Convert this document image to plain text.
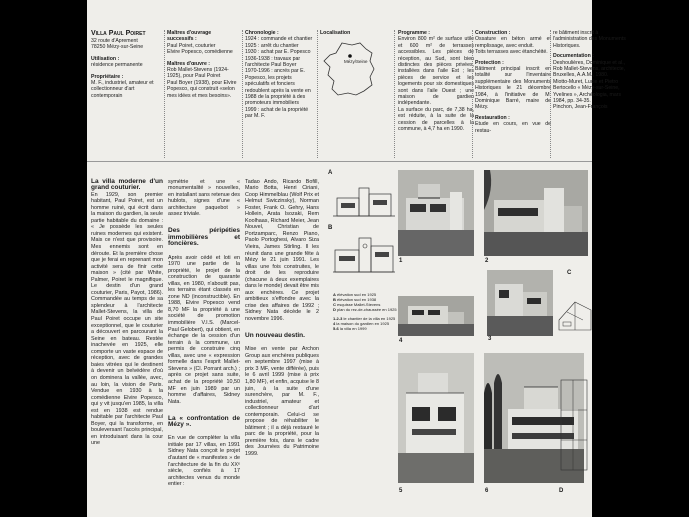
Villa Paul Poiret
32 route d'Aprement
78250 Mézy-sur-Seine
Utilisation :
résidence permanente
Propriétaire :
M. F., industriel, amateur et collectionneur d'art contemporain
Maîtres d'ouvrage successifs :
Paul Poiret, couturier
Elvire Popesco, comédienne
Maîtres d'œuvre :
Rob Mallet-Stevens (1924-1925), pour Paul Poiret
Paul Boyer (1938), pour Elvire Popesco, qui construit «selon mes idées et mes besoins».
Chronologie :
1924 : commande et chantier
1925 : arrêt du chantier
1930 : achat par E. Popesco
1936-1938 : travaux par l'architecte Paul Boyer
1970-1996 : ancrés par E. Popesco, les projets spéculatifs et fonciers redoublent après la vente en 1988 de la propriété à des promoteurs immobiliers
1999 : achat de la propriété par M. F.
Localisation
Mézy/Seine
Programme :
Environ 800 m² de surface utile et 600 m² de terrasses accessibles. Les pièces de réception, au Sud, sont bien distinctes des pièces privées, installées dans l'aile Est ; les pièces de service et les logements pour six domestiques sont dans l'aile Ouest ; une maison de gardien indépendante.
La surface du parc, de 7,38 ha, est réduite, à la suite de la cession de parcelles à la commune, à 4,7 ha en 1990.
Construction :
Ossature en béton armé et remplissage, avec enduit.
Toits terrasses avec étanchéité.
Protection :
Bâtiment principal inscrit en totalité sur l'inventaire supplémentaire des Monuments Historiques le 21 décembre 1984, à l'initiative de M. Dominique Barré, maire de Mézy.
Restauration :
Etude en cours, en vue de restau-
re bâtiment inscrit à l'administration des Monuments Historiques.
Documentation :
Deshoulières, Dominique et al., Rob Mallet-Stevens, architecte, Bruxelles, A.A.M., 1980.
Miotto-Muret, Lucie et Pietro Bertocello « Mézy-sur-Seine, Yvelines », Archéologia, mars 1984, pp. 34-35.
Pinchon, Jean-François

La villa moderne d'un grand couturier.
En 1929, son premier habitant, Paul Poiret, est un homme ruiné, qui écrit dans la maison du gardien, la seule partie habitable du domaine : « Je possède les seules ruines modernes qui existent. Mais ce n'est que provisoire. Mes ennemis sont en déroute. Et la première chose que je ferai en reprenant mon activité sera de finir cette maison » (cité par White, Palmer, Poiret le magnifique. Le destin d'un grand couturier, Paris, Payot, 1986). Commandée au temps de sa splendeur à l'architecte Mallet-Stevens, la villa de Paul Poiret occupe un site exceptionnel, que le couturier a découvert en parcourant la Seine en bateau. Restée inachevée en 1925, elle comporte un vaste espace de réception, avec de grandes baies vitrées qui le destinent à devenir un belvédère d'où on dominera la vallée, avec, au loin, la vision de Paris. Vendue en 1930 à la comédienne Elvire Popesco, qui y vit jusqu'en 1985, la villa est en 1938 est rendue habitable par l'architecte Paul Boyer, qui la transforme, en bouleversant l'accès principal, en introduisant dans la cour une

symétrie et une « monumentalité » nouvelles, en installant sans retenue des hublots, signes d'une « architecture paquebot » assez triviale.

Des péripéties immobilières et foncières.

Après avoir cédé et loti en 1970 une partie de la propriété, le projet de la construction de quarante villas, en 1980, n'aboutit pas, les terrains étant classés en zone ND (inconstructible). En 1988, Elvire Popesco vend 8,70 MF la propriété à une société de promotion immobilière V.I.S. (Marcel-Paul Gelobert), qui obtient, en échange de la cession d'un terrain à la commune, un permis de construire cinq villas, avec une « expression formelle dans l'esprit Mallet-Stevens » (Cl. Porrant arch.) ; après ce projet sans suite, achat de la propriété 10,50 MF en juin 1989 par un homme d'affaires, Sidney Nata.

La « confrontation de Mézy ».

En vue de compléter la villa initiale par 17 villas, en 1991 Sidney Nata conçoit le projet d'autant de « manifestes » de l'architecture de la fin du XXᵉ siècle, confiés à 17 architectes venus du monde entier :

Tadao Ando, Ricardo Bofill, Mario Botta, Henri Ciriani, Coop Himmelblau (Wolf Prix et Helmut Swiczinsky), Norman Foster, Frank O. Gehry, Hans Hollein, Arata Isozaki, Rem Koolhaas, Richard Meier, Jean Nouvel, Christian de Portzamparc, Renzo Piano, Paolo Portoghesi, Alvaro Siza Vieira, James Stirling. Il les réunit dans une grande fête à Mézy le 21 juin 1991. Les villas une fois construites, le droit de les reproduire (chacune à deux exemplaires dans le monde) devait être mis aux enchères. Ce projet ambitieux s'effondre avec la crise des affaires de 1992 ; Sidney Nata décède le 2 novembre 1996.

Un nouveau destin.

Mise en vente par Archon Group aux enchères publiques en septembre 1997 (mise à prix 3 MF, vente différée), puis le 6 avril 1999 (mise à prix 1,80 MF), et enfin, acquise le 8 juin, à la suite d'une surenchère, par M. F., industriel, amateur et collectionneur d'art contemporain. Celui-ci se propose de réhabiliter le bâtiment ; il a déjà restauré le parc de la propriété, pour la première fois, dans le cadre des Journées du Patrimoine 1999.

A
B
A élévation sud en 1925
B élévation sud en 1938
C esquisse Mallet-Stevens
D plan du rez-de-chaussée en 1925
1-2-3 le chantier de la villa en 1925
4 la maison du gardien en 1925
5-6 la villa en 1999
1	2
3
C
4
5	6	D
